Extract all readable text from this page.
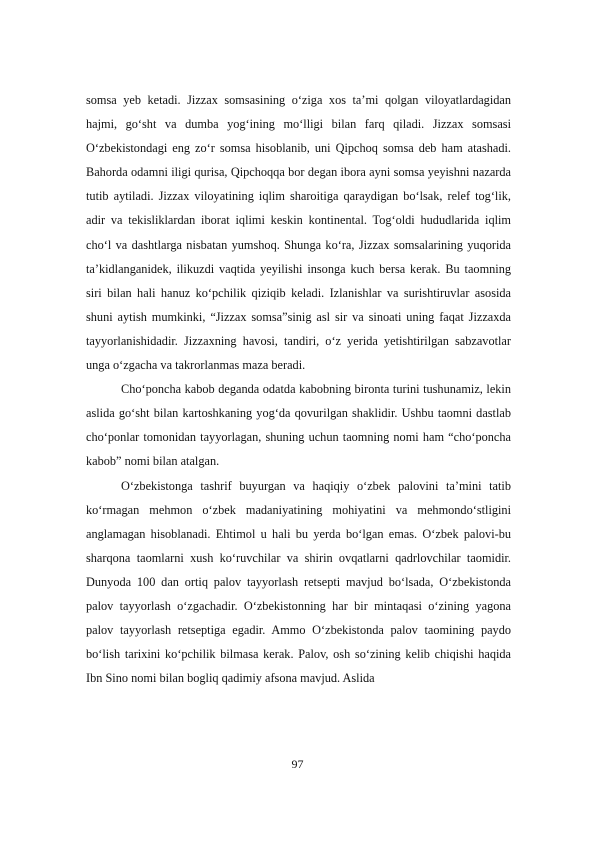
somsa yeb ketadi. Jizzax somsasining o‘ziga xos ta’mi qolgan viloyatlardagidan hajmi, go‘sht va dumba yog‘ining mo‘lligi bilan farq qiladi. Jizzax somsasi O‘zbekistondagi eng zo‘r somsa hisoblanib, uni Qipchoq somsa deb ham atashadi. Bahorda odamni iligi qurisa, Qipchoqqa bor degan ibora ayni somsa yeyishni nazarda tutib aytiladi. Jizzax viloyatining iqlim sharoitiga qaraydigan bo‘lsak, relef tog‘lik, adir va tekisliklardan iborat iqlimi keskin kontinental. Tog‘oldi hududlarida iqlim cho‘l va dashtlarga nisbatan yumshoq. Shunga ko‘ra, Jizzax somsalarining yuqorida ta’kidlanganidek, ilikuzdi vaqtida yeyilishi insonga kuch bersa kerak. Bu taomning siri bilan hali hanuz ko‘pchilik qiziqib keladi. Izlanishlar va surishtiruvlar asosida shuni aytish mumkinki, “Jizzax somsa”sinig asl sir va sinoati uning faqat Jizzaxda tayyorlanishidadir. Jizzaxning havosi, tandiri, o‘z yerida yetishtirilgan sabzavotlar unga o‘zgacha va takrorlanmas maza beradi.

Cho‘poncha kabob deganda odatda kabobning bironta turini tushunamiz, lekin aslida go‘sht bilan kartoshkaning yog‘da qovurilgan shaklidir. Ushbu taomni dastlab cho‘ponlar tomonidan tayyorlagan, shuning uchun taomning nomi ham “cho‘poncha kabob” nomi bilan atalgan.

O‘zbekistonga tashrif buyurgan va haqiqiy o‘zbek palovini ta’mini tatib ko‘rmagan mehmon o‘zbek madaniyatining mohiyatini va mehmondo‘stligini anglamagan hisoblanadi. Ehtimol u hali bu yerda bo‘lgan emas. O‘zbek palovi-bu sharqona taomlarni xush ko‘ruvchilar va shirin ovqatlarni qadrlovchilar taomidir. Dunyoda 100 dan ortiq palov tayyorlash retsepti mavjud bo‘lsada, O‘zbekistonda palov tayyorlash o‘zgachadir. O‘zbekistonning har bir mintaqasi o‘zining yagona palov tayyorlash retseptiga egadir. Ammo O‘zbekistonda palov taomining paydo bo‘lish tarixini ko‘pchilik bilmasa kerak. Palov, osh so‘zining kelib chiqishi haqida Ibn Sino nomi bilan bogliq qadimiy afsona mavjud. Aslida

97
